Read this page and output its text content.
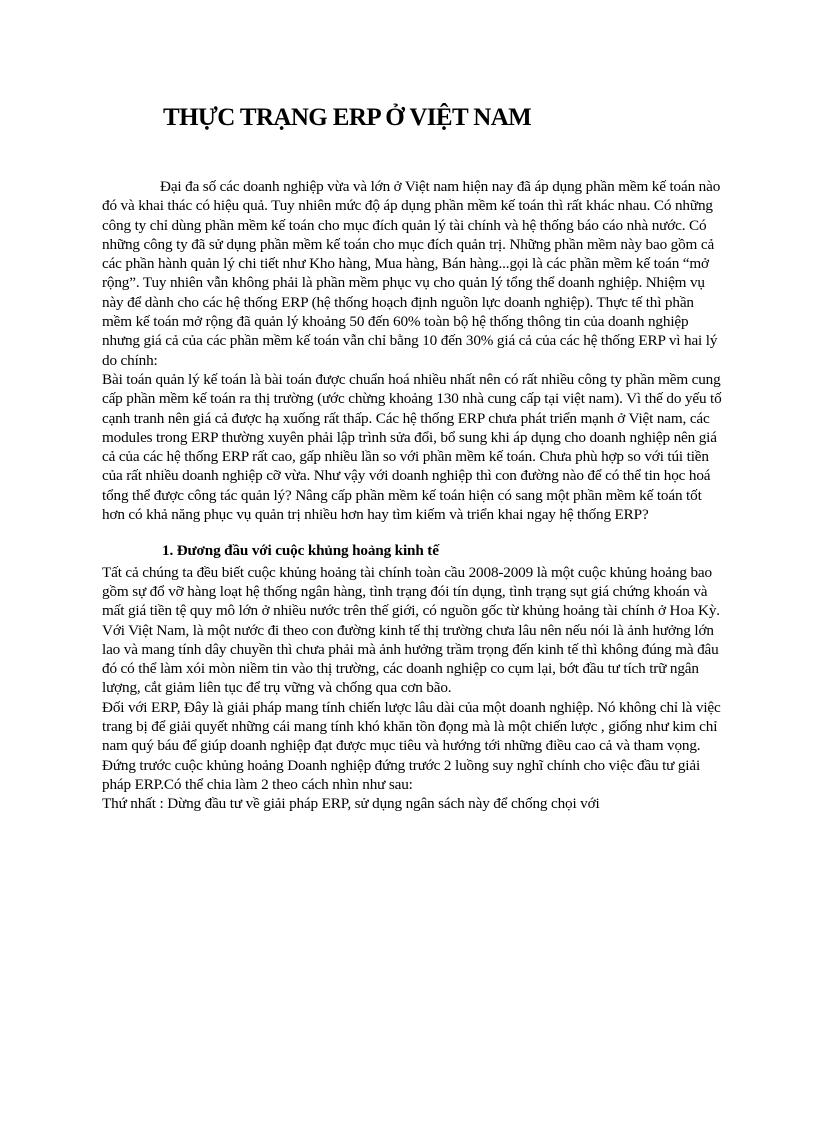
THỰC TRẠNG ERP Ở VIỆT NAM

Đại đa số các doanh nghiệp vừa và lớn ở Việt nam hiện nay đã áp dụng phần mềm kế toán nào đó và khai thác có hiệu quả. Tuy nhiên mức độ áp dụng phần mềm kế toán thì rất khác nhau. Có những công ty chỉ dùng phần mềm kế toán cho mục đích quản lý tài chính và hệ thống báo cáo nhà nước. Có những công ty đã sử dụng phần mềm kế toán cho mục đích quản trị. Những phần mềm này bao gồm cả các phần hành quản lý chi tiết như Kho hàng, Mua hàng, Bán hàng...gọi là các phần mềm kế toán “mở rộng”. Tuy nhiên vẫn không phải là phần mềm phục vụ cho quản lý tổng thể doanh nghiệp. Nhiệm vụ này để dành cho các hệ thống ERP (hệ thống hoạch định nguồn lực doanh nghiệp). Thực tế thì phần mềm kế toán mở rộng đã quản lý khoảng 50 đến 60% toàn bộ hệ thống thông tin của doanh nghiệp nhưng giá cả của các phần mềm kế toán vẫn chỉ bằng 10 đến 30% giá cả của các hệ thống ERP vì hai lý do chính:

Bài toán quản lý kế toán là bài toán được chuẩn hoá nhiều nhất nên có rất nhiều công ty phần mềm cung cấp phần mềm kế toán ra thị trường (ước chừng khoảng 130 nhà cung cấp tại việt nam). Vì thế do yếu tố cạnh tranh nên giá cả được hạ xuống rất thấp. Các hệ thống ERP chưa phát triển mạnh ở Việt nam, các modules trong ERP thường xuyên phải lập trình sửa đổi, bổ sung khi áp dụng cho doanh nghiệp nên giá cả của các hệ thống ERP rất cao, gấp nhiều lần so với phần mềm kế toán. Chưa phù hợp so với túi tiền của rất nhiều doanh nghiệp cỡ vừa. Như vậy với doanh nghiệp thì con đường nào để có thể tin học hoá tổng thể được công tác quản lý? Nâng cấp phần mềm kế toán hiện có sang một phần mềm kế toán tốt hơn có khả năng phục vụ quản trị nhiều hơn hay tìm kiếm và triển khai ngay hệ thống ERP?

1. Đương đầu với cuộc khủng hoảng kinh tế

Tất cả chúng ta đều biết cuộc khủng hoảng tài chính toàn cầu 2008-2009 là một cuộc khủng hoảng bao gồm sự đổ vỡ hàng loạt hệ thống ngân hàng, tình trạng đói tín dụng, tình trạng sụt giá chứng khoán và mất giá tiền tệ quy mô lớn ở nhiều nước trên thế giới, có nguồn gốc từ khủng hoảng tài chính ở Hoa Kỳ.

Với Việt Nam, là một nước đi theo con đường kinh tế thị trường chưa lâu nên nếu nói là ảnh hưởng lớn lao và mang tính dây chuyền thì chưa phải mà ảnh hưởng trầm trọng đến kinh tế thì không đúng mà đâu đó có thể làm xói mòn niềm tin vào thị trường, các doanh nghiệp co cụm lại, bớt đầu tư tích trữ ngân lượng, cắt giảm liên tục để trụ vững và chống qua cơn bão.

Đối với ERP, Đây là giải pháp mang tính chiến lược lâu dài của một doanh nghiệp. Nó không chỉ là việc trang bị để giải quyết những cái mang tính khó khăn tồn đọng mà là một chiến lược , giống như kim chỉ nam quý báu để giúp doanh nghiệp đạt được mục tiêu và hướng tới những điều cao cả và tham vọng. Đứng trước cuộc khủng hoảng Doanh nghiệp đứng trước 2 luồng suy nghĩ chính cho việc đầu tư giải pháp ERP.Có thể chia làm 2 theo cách nhìn như sau:

Thứ nhất : Dừng đầu tư về giải pháp ERP, sử dụng ngân sách này để chống chọi với
